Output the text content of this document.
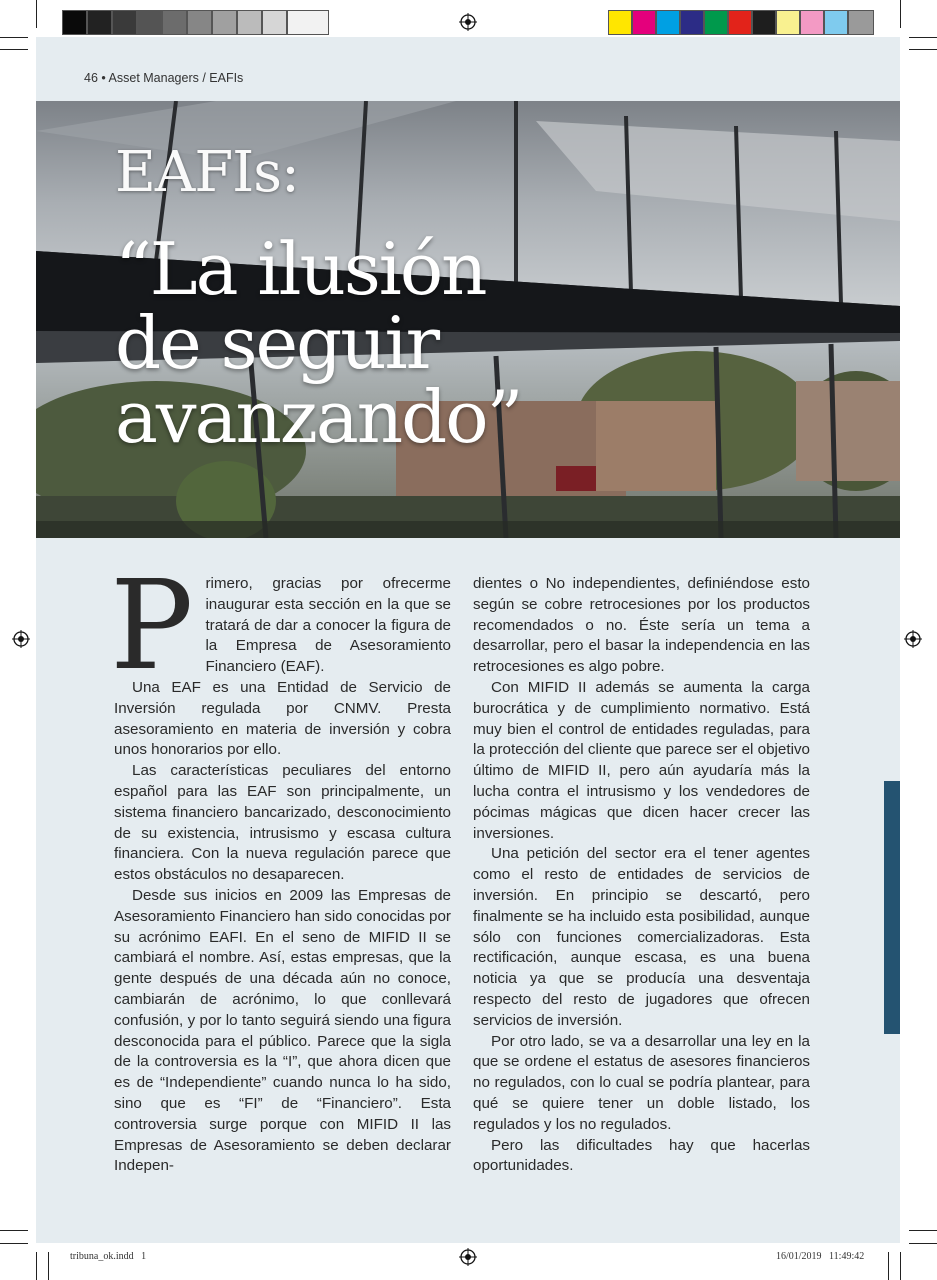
46 • Asset Managers / EAFIs
EAFIs:
“La ilusión
de seguir
avanzando”
P rimero, gracias por ofrecerme inaugurar esta sección en la que se tratará de dar a conocer la figura de la Empresa de Asesoramiento Financiero (EAF).

Una EAF es una Entidad de Servicio de Inversión regulada por CNMV. Presta asesoramiento en materia de inversión y cobra unos honorarios por ello.

Las características peculiares del entorno español para las EAF son principalmente, un sistema financiero bancarizado, desconocimiento de su existencia, intrusismo y escasa cultura financiera. Con la nueva regulación parece que estos obstáculos no desaparecen.

Desde sus inicios en 2009 las Empresas de Asesoramiento Financiero han sido conocidas por su acrónimo EAFI. En el seno de MIFID II se cambiará el nombre. Así, estas empresas, que la gente después de una década aún no conoce, cambiarán de acrónimo, lo que conllevará confusión, y por lo tanto seguirá siendo una figura desconocida para el público. Parece que la sigla de la controversia es la “I”, que ahora dicen que es de “Independiente” cuando nunca lo ha sido, sino que es “FI” de “Financiero”. Esta controversia surge porque con MIFID II las Empresas de Asesoramiento se deben declarar Indepen-

dientes o No independientes, definiéndose esto según se cobre retrocesiones por los productos recomendados o no. Éste sería un tema a desarrollar, pero el basar la independencia en las retrocesiones es algo pobre.

Con MIFID II además se aumenta la carga burocrática y de cumplimiento normativo. Está muy bien el control de entidades reguladas, para la protección del cliente que parece ser el objetivo último de MIFID II, pero aún ayudaría más la lucha contra el intrusismo y los vendedores de pócimas mágicas que dicen hacer crecer las inversiones.

Una petición del sector era el tener agentes como el resto de entidades de servicios de inversión. En principio se descartó, pero finalmente se ha incluido esta posibilidad, aunque sólo con funciones comercializadoras. Esta rectificación, aunque escasa, es una buena noticia ya que se producía una desventaja respecto del resto de jugadores que ofrecen servicios de inversión.

Por otro lado, se va a desarrollar una ley en la que se ordene el estatus de asesores financieros no regulados, con lo cual se podría plantear, para qué se quiere tener un doble listado, los regulados y los no regulados.

Pero las dificultades hay que hacerlas oportunidades.

tribuna_ok.indd   1	16/01/2019   11:49:42
